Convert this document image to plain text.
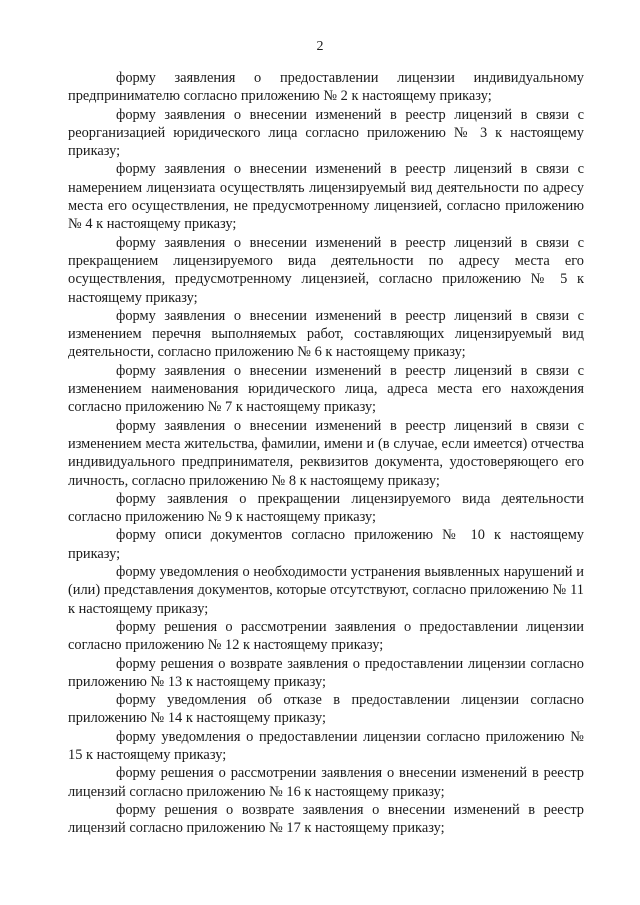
2

форму заявления о предоставлении лицензии индивидуальному предпринимателю согласно приложению № 2 к настоящему приказу;

форму заявления о внесении изменений в реестр лицензий в связи с реорганизацией юридического лица согласно приложению № 3 к настоящему приказу;

форму заявления о внесении изменений в реестр лицензий в связи с намерением лицензиата осуществлять лицензируемый вид деятельности по адресу места его осуществления, не предусмотренному лицензией, согласно приложению № 4 к настоящему приказу;

форму заявления о внесении изменений в реестр лицензий в связи с прекращением лицензируемого вида деятельности по адресу места его осуществления, предусмотренному лицензией, согласно приложению № 5 к настоящему приказу;

форму заявления о внесении изменений в реестр лицензий в связи с изменением перечня выполняемых работ, составляющих лицензируемый вид деятельности, согласно приложению № 6 к настоящему приказу;

форму заявления о внесении изменений в реестр лицензий в связи с изменением наименования юридического лица, адреса места его нахождения согласно приложению № 7 к настоящему приказу;

форму заявления о внесении изменений в реестр лицензий в связи с изменением места жительства, фамилии, имени и (в случае, если имеется) отчества индивидуального предпринимателя, реквизитов документа, удостоверяющего его личность, согласно приложению № 8 к настоящему приказу;

форму заявления о прекращении лицензируемого вида деятельности согласно приложению № 9 к настоящему приказу;

форму описи документов согласно приложению № 10 к настоящему приказу;

форму уведомления о необходимости устранения выявленных нарушений и (или) представления документов, которые отсутствуют, согласно приложению № 11 к настоящему приказу;

форму решения о рассмотрении заявления о предоставлении лицензии согласно приложению № 12 к настоящему приказу;

форму решения о возврате заявления о предоставлении лицензии согласно приложению № 13 к настоящему приказу;

форму уведомления об отказе в предоставлении лицензии согласно приложению № 14 к настоящему приказу;

форму уведомления о предоставлении лицензии согласно приложению № 15 к настоящему приказу;

форму решения о рассмотрении заявления о внесении изменений в реестр лицензий согласно приложению № 16 к настоящему приказу;

форму решения о возврате заявления о внесении изменений в реестр лицензий согласно приложению № 17 к настоящему приказу;
